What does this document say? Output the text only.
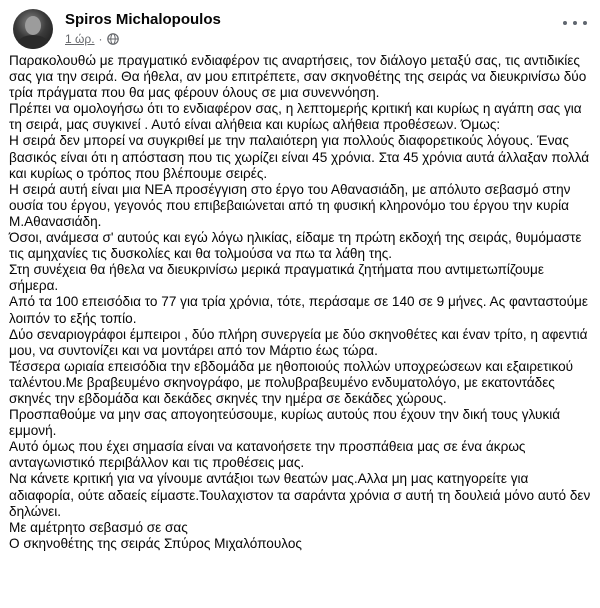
Spiros Michalopoulos
1 ώρ. ·

Παρακολουθώ με πραγματικό ενδιαφέρον τις αναρτήσεις, τον διάλογο μεταξύ σας, τις αντιδικίες σας για την σειρά. Θα ήθελα, αν μου επιτρέπετε, σαν σκηνοθέτης της σειράς να διευκρινίσω δύο τρία πράγματα που θα μας φέρουν όλους σε μια συνεννόηση.

Πρέπει να ομολογήσω ότι το ενδιαφέρον σας, η λεπτομερής κριτική και κυρίως η αγάπη σας για τη σειρά, μας συγκινεί . Αυτό είναι αλήθεια και κυρίως αλήθεια προθέσεων. Όμως:

Η σειρά δεν μπορεί να συγκριθεί με την παλαιότερη για πολλούς διαφορετικούς λόγους. Ένας βασικός είναι ότι η απόσταση που τις χωρίζει είναι 45 χρόνια. Στα 45 χρόνια αυτά άλλαξαν πολλά και κυρίως ο τρόπος που βλέπουμε σειρές.

Η σειρά αυτή είναι μια ΝΕΑ προσέγγιση στο έργο του Αθανασιάδη, με απόλυτο σεβασμό στην ουσία του έργου, γεγονός που επιβεβαιώνεται από τη φυσική κληρονόμο του έργου την κυρία Μ.Αθανασιάδη.

Όσοι, ανάμεσα σ' αυτούς και εγώ λόγω ηλικίας, είδαμε τη πρώτη εκδοχή της σειράς, θυμόμαστε τις αμηχανίες τις δυσκολίες και θα τολμούσα να πω τα λάθη της.

Στη συνέχεια θα ήθελα να διευκρινίσω μερικά πραγματικά ζητήματα που αντιμετωπίζουμε σήμερα.

Από τα 100 επεισόδια το 77 για τρία χρόνια, τότε, περάσαμε σε 140 σε 9 μήνες. Ας φανταστούμε λοιπόν το εξής τοπίο.

Δύο σεναριογράφοι έμπειροι , δύο πλήρη συνεργεία με δύο σκηνοθέτες και έναν τρίτο, η αφεντιά μου, να συντονίζει και να μοντάρει από τον Μάρτιο έως τώρα.

Τέσσερα ωριαία επεισόδια την εβδομάδα με ηθοποιούς πολλών υποχρεώσεων και εξαιρετικού ταλέντου.Με βραβευμένο σκηνογράφο, με πολυβραβευμένο ενδυματολόγο, με εκατοντάδες σκηνές την εβδομάδα και δεκάδες σκηνές την ημέρα σε δεκάδες χώρους.

Προσπαθούμε να μην σας απογοητεύσουμε, κυρίως αυτούς που έχουν την δική τους γλυκιά εμμονή.

Αυτό όμως που έχει σημασία είναι να κατανοήσετε την προσπάθεια μας σε ένα άκρως ανταγωνιστικό περιβάλλον και τις προθέσεις μας.

Να κάνετε κριτική για να γίνουμε αντάξιοι των θεατών μας.Αλλα μη μας κατηγορείτε για αδιαφορία, ούτε αδαείς είμαστε.Τουλαχιστον τα σαράντα χρόνια σ αυτή τη δουλειά μόνο αυτό δεν δηλώνει.

Με αμέτρητο σεβασμό σε σας

Ο σκηνοθέτης της σειράς Σπύρος Μιχαλόπουλος
